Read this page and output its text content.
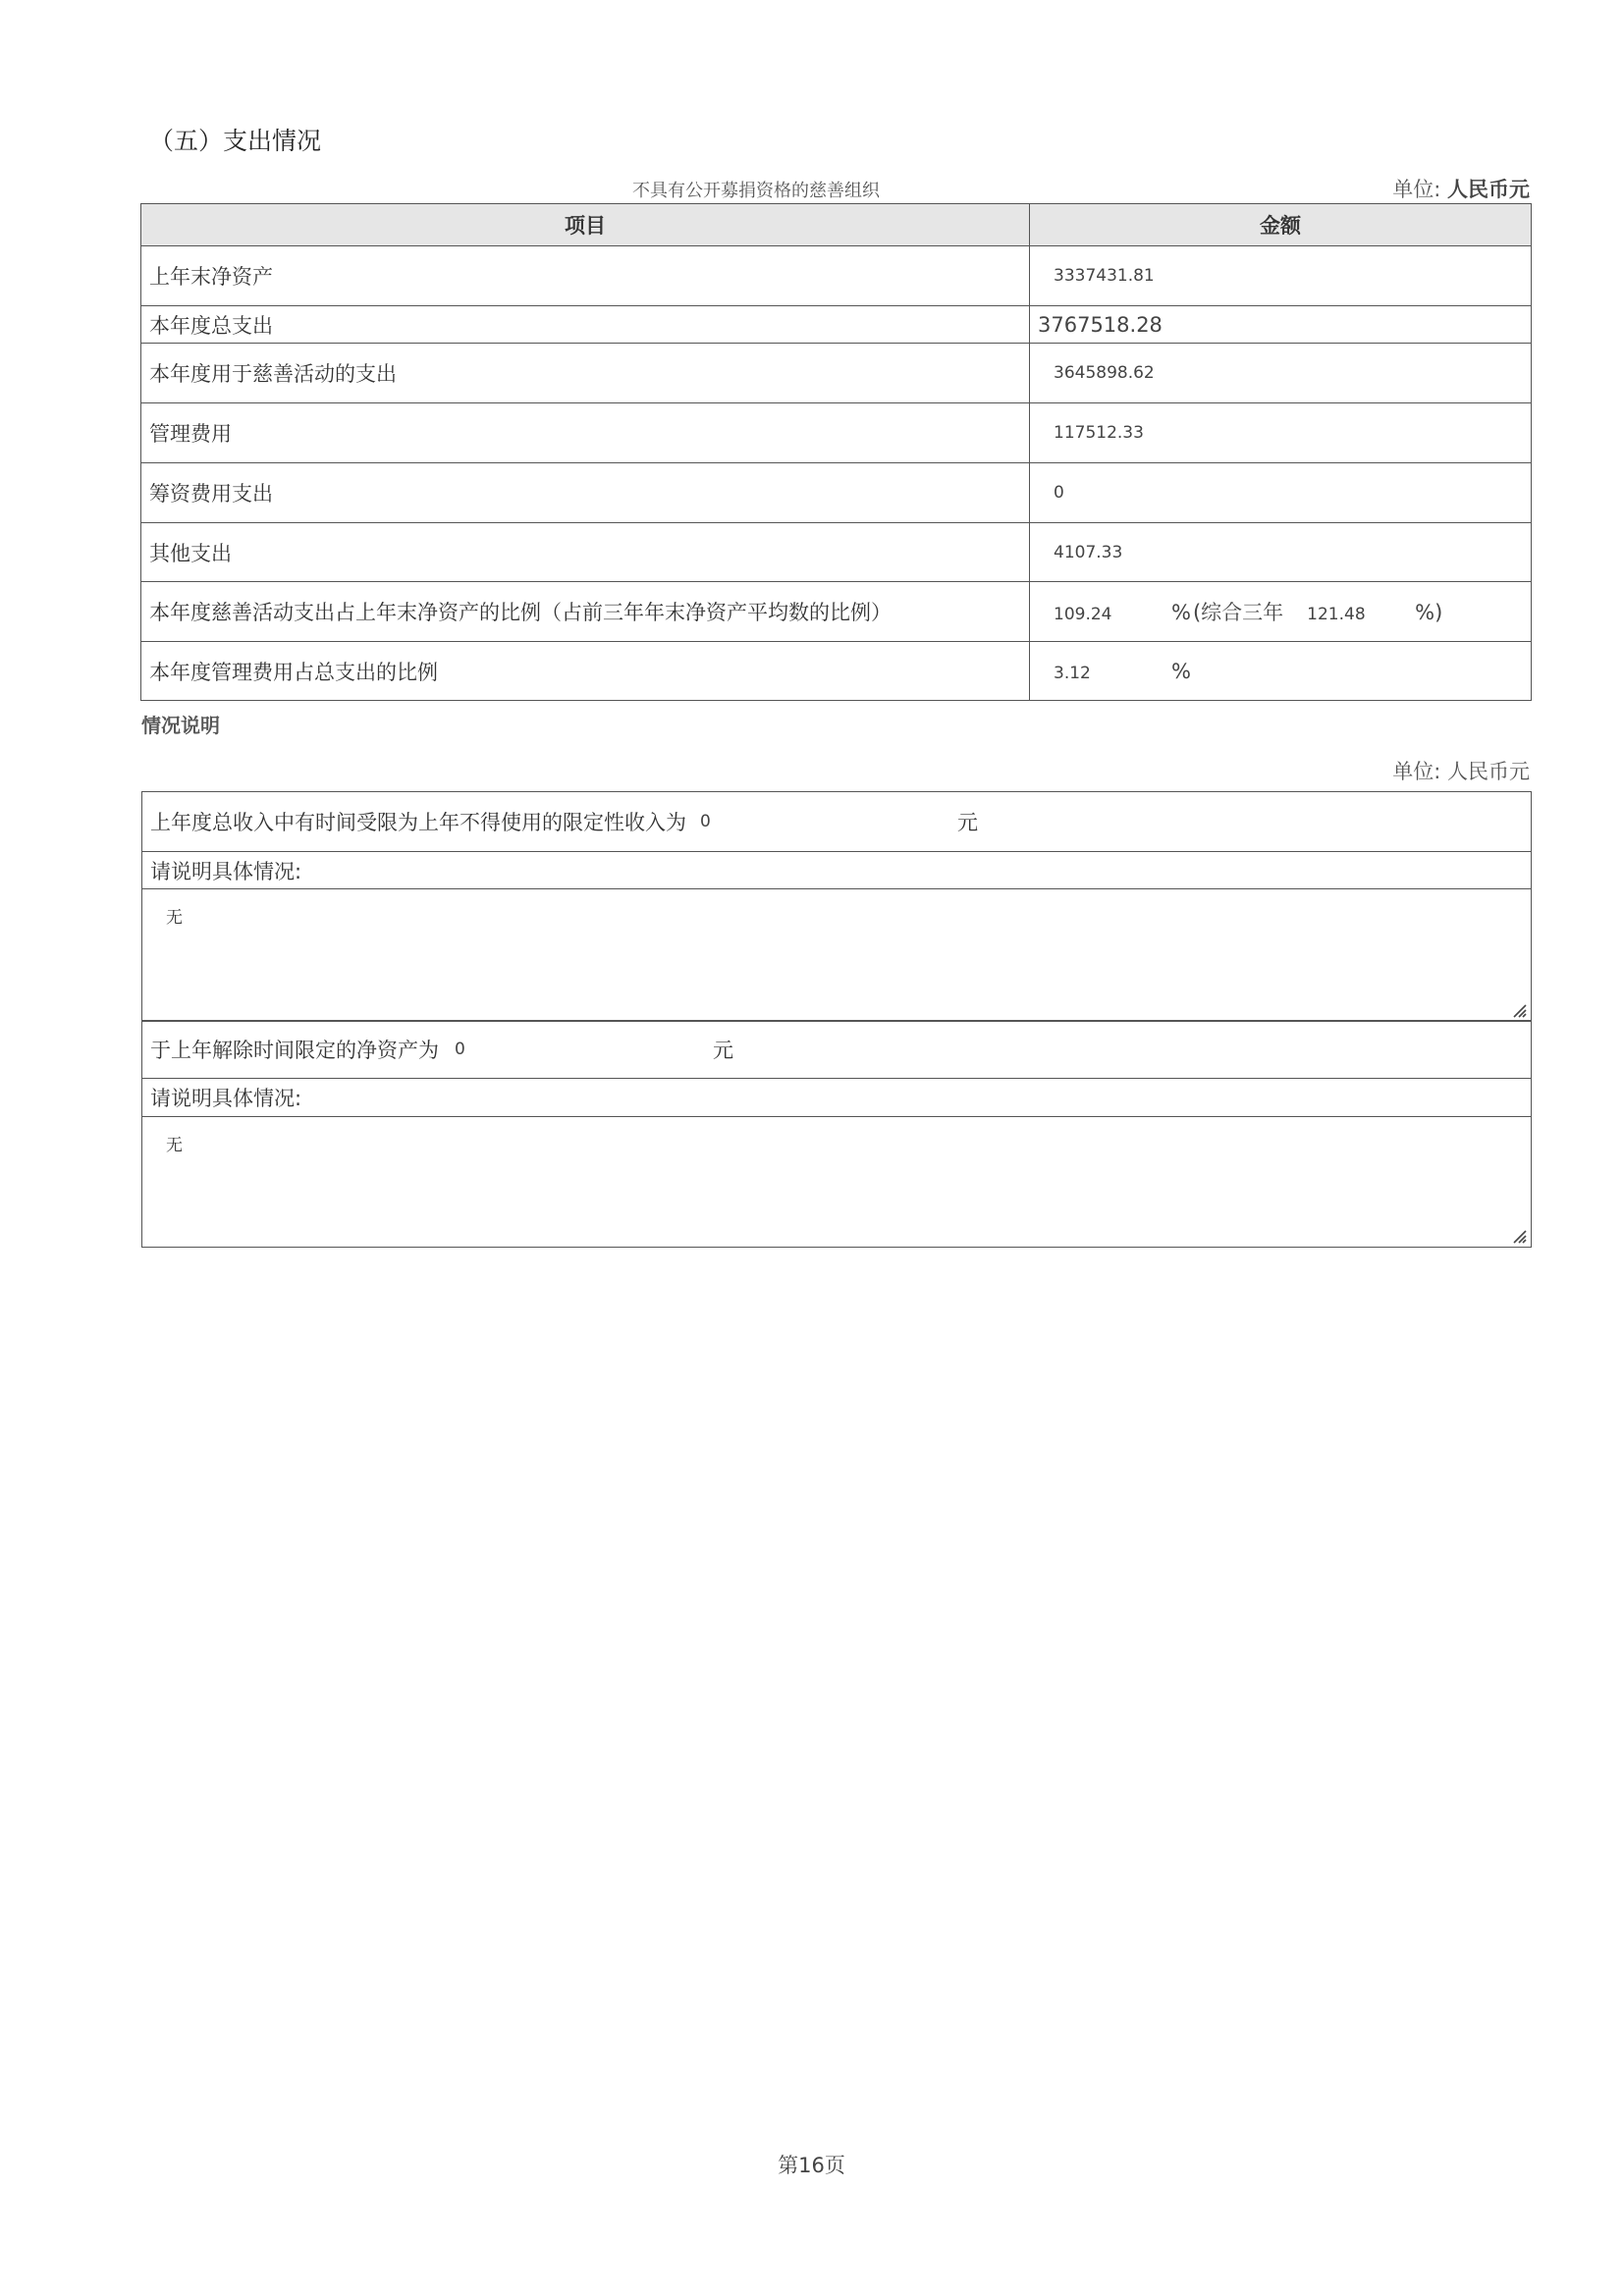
（五）支出情况
不具有公开募捐资格的慈善组织	单位: 人民币元
项目	金额
上年末净资产	3337431.81
本年度总支出	3767518.28
本年度用于慈善活动的支出	3645898.62
管理费用	117512.33
筹资费用支出	0
其他支出	4107.33
本年度慈善活动支出占上年末净资产的比例（占前三年年末净资产平均数的比例）	109.24 %(综合三年 121.48 %)
本年度管理费用占总支出的比例	3.12 %
情况说明
单位: 人民币元
上年度总收入中有时间受限为上年不得使用的限定性收入为 0	元
请说明具体情况:
无
于上年解除时间限定的净资产为 0	元
请说明具体情况:
无
第16页
